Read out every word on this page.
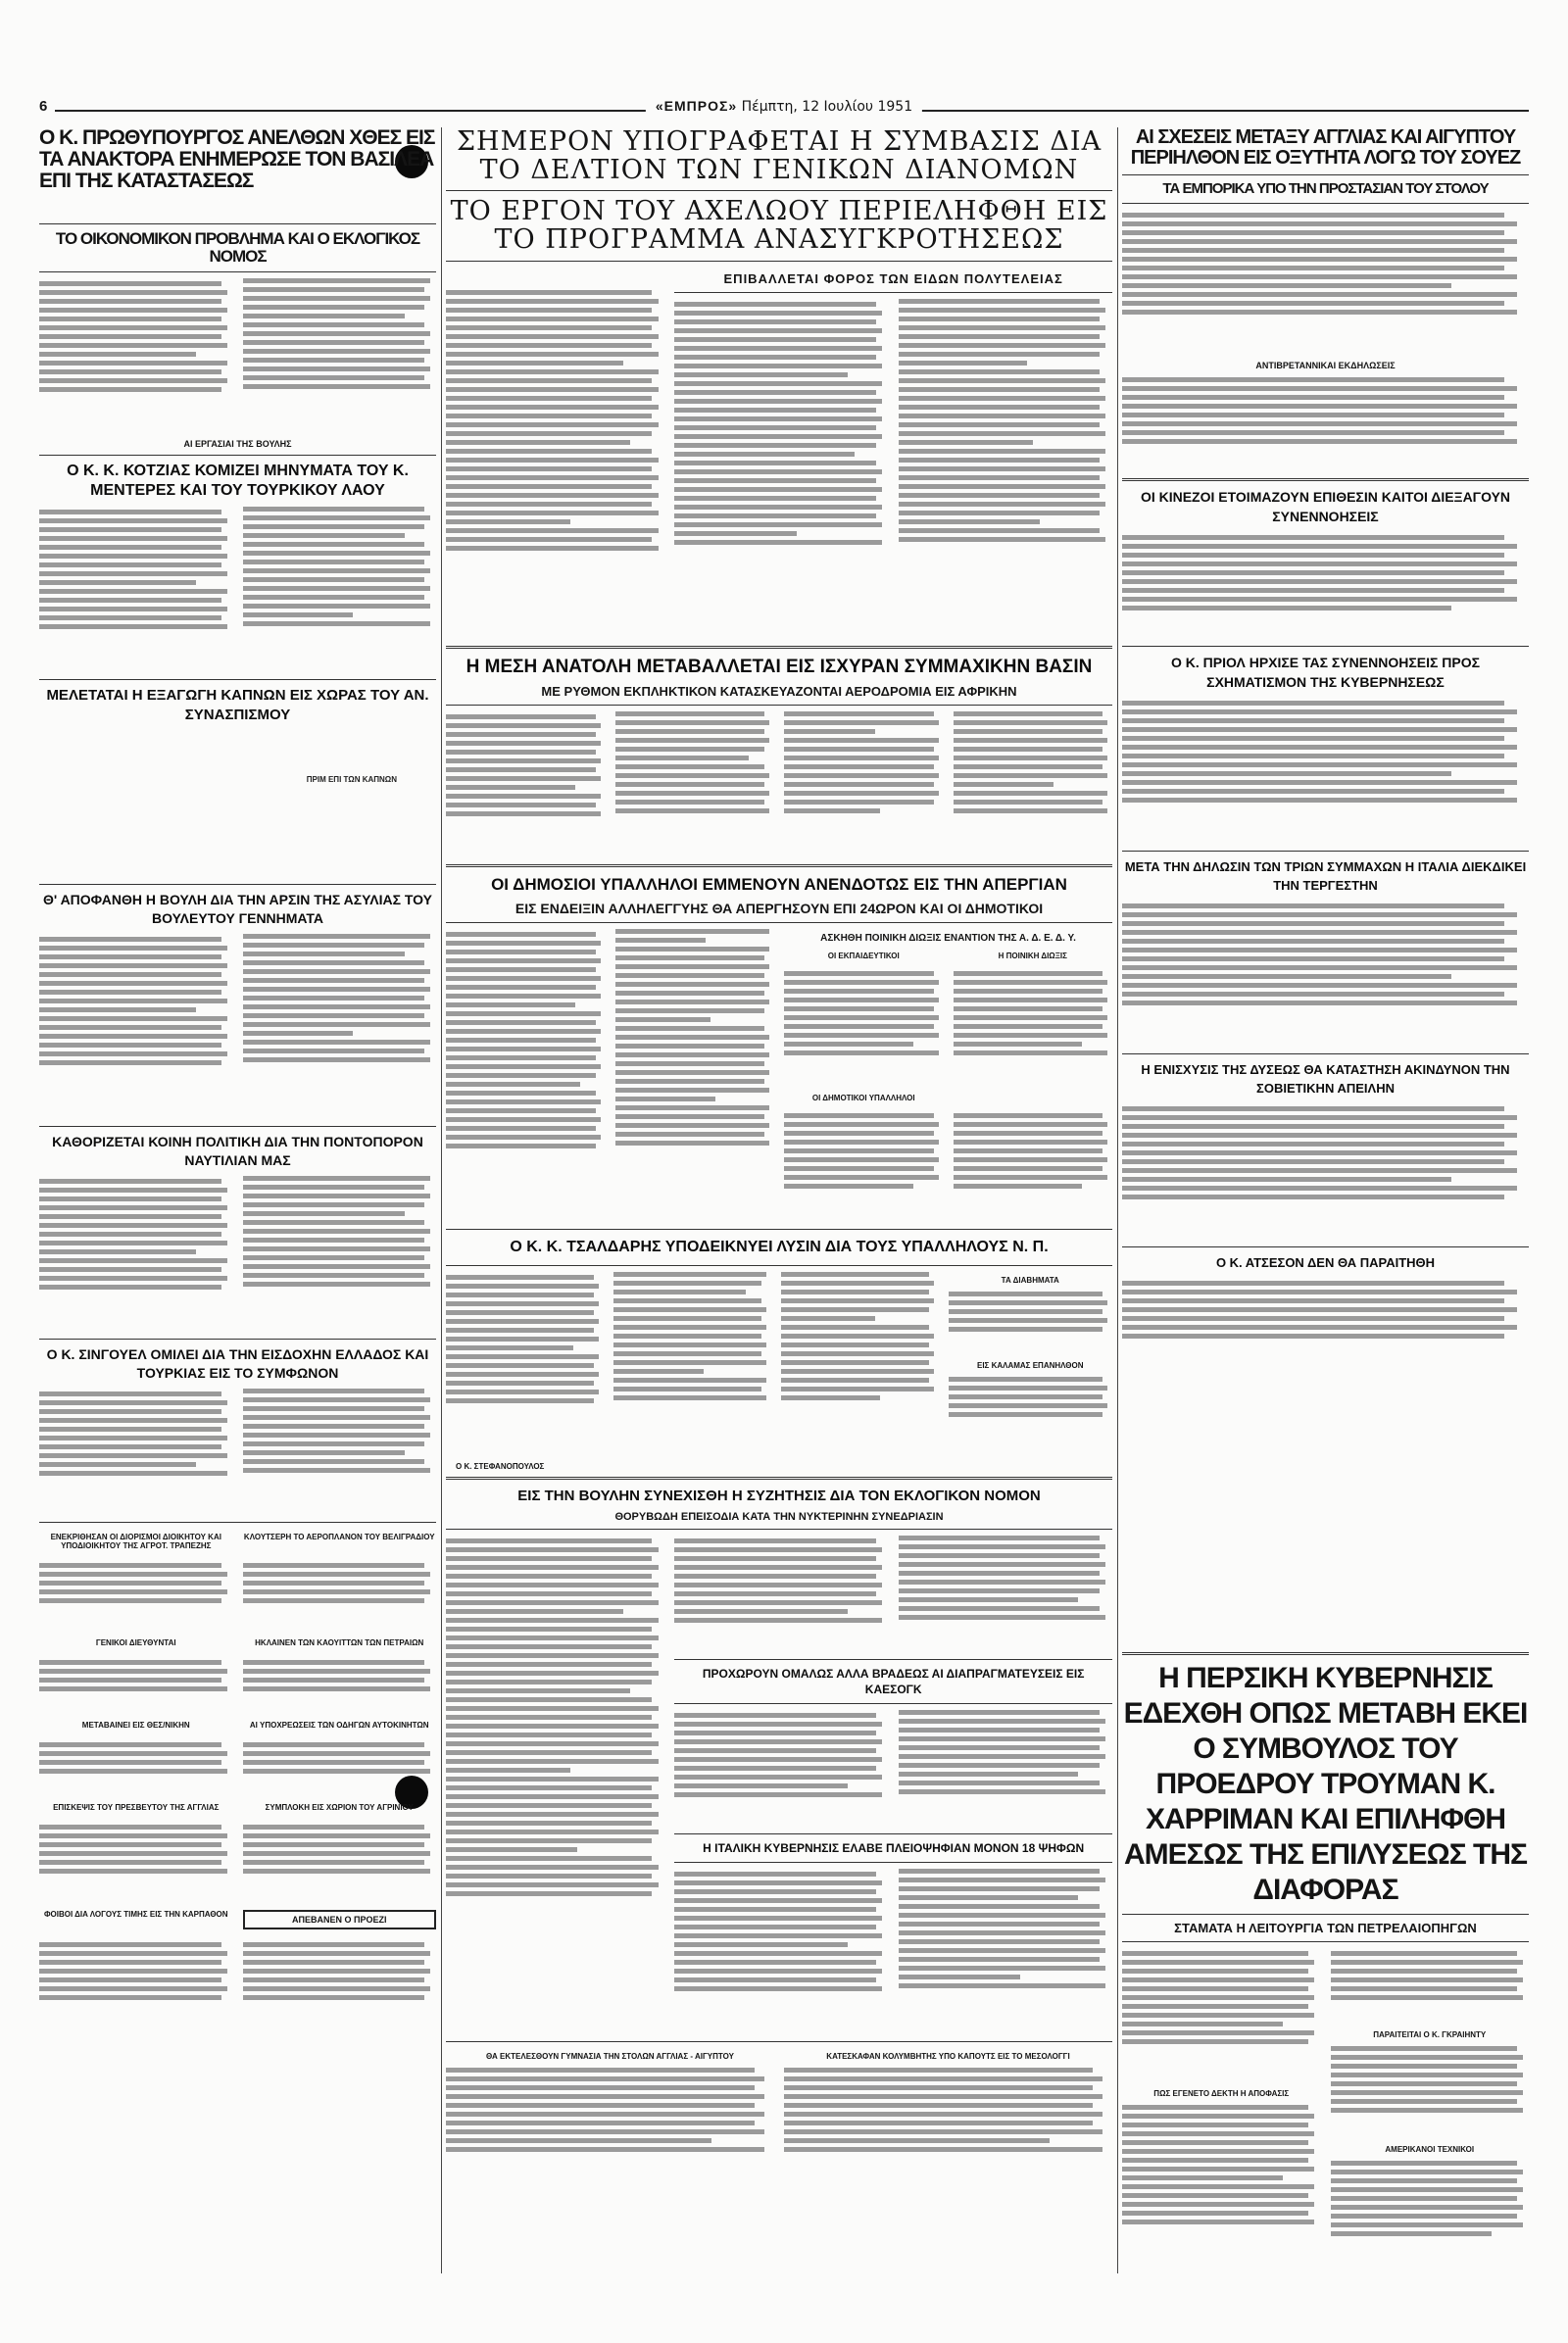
6	«ΕΜΠΡΟΣ» Πέμπτη, 12 Ιουλίου 1951
Ο Κ. ΠΡΩΘΥΠΟΥΡΓΟΣ ΑΝΕΛΘΩΝ ΧΘΕΣ ΕΙΣ ΤΑ ΑΝΑΚΤΟΡΑ ΕΝΗΜΕΡΩΣΕ ΤΟΝ ΒΑΣΙΛΕΑ ΕΠΙ ΤΗΣ ΚΑΤΑΣΤΑΣΕΩΣ
ΤΟ ΟΙΚΟΝΟΜΙΚΟΝ ΠΡΟΒΛΗΜΑ ΚΑΙ Ο ΕΚΛΟΓΙΚΟΣ ΝΟΜΟΣ

ΑΙ ΕΡΓΑΣΙΑΙ ΤΗΣ ΒΟΥΛΗΣ

Ο Κ. Κ. ΚΟΤΖΙΑΣ ΚΟΜΙΖΕΙ ΜΗΝΥΜΑΤΑ ΤΟΥ Κ. ΜΕΝΤΕΡΕΣ ΚΑΙ ΤΟΥ ΤΟΥΡΚΙΚΟΥ ΛΑΟΥ
ΜΕΛΕΤΑΤΑΙ Η ΕΞΑΓΩΓΗ ΚΑΠΝΩΝ ΕΙΣ ΧΩΡΑΣ ΤΟΥ ΑΝ. ΣΥΝΑΣΠΙΣΜΟΥ

ΠΡΙΜ ΕΠΙ ΤΩΝ ΚΑΠΝΩΝ

Θ' ΑΠΟΦΑΝΘΗ Η ΒΟΥΛΗ ΔΙΑ ΤΗΝ ΑΡΣΙΝ ΤΗΣ ΑΣΥΛΙΑΣ ΤΟΥ ΒΟΥΛΕΥΤΟΥ ΓΕΝΝΗΜΑΤΑ
ΚΑΘΟΡΙΖΕΤΑΙ ΚΟΙΝΗ ΠΟΛΙΤΙΚΗ ΔΙΑ ΤΗΝ ΠΟΝΤΟΠΟΡΟΝ ΝΑΥΤΙΛΙΑΝ ΜΑΣ
Ο Κ. ΣΙΝΓΟΥΕΛ ΟΜΙΛΕΙ ΔΙΑ ΤΗΝ ΕΙΣΔΟΧΗΝ ΕΛΛΑΔΟΣ ΚΑΙ ΤΟΥΡΚΙΑΣ ΕΙΣ ΤΟ ΣΥΜΦΩΝΟΝ

ΕΝΕΚΡΙΘΗΣΑΝ ΟΙ ΔΙΟΡΙΣΜΟΙ ΔΙΟΙΚΗΤΟΥ ΚΑΙ ΥΠΟΔΙΟΙΚΗΤΟΥ ΤΗΣ ΑΓΡΟΤ. ΤΡΑΠΕΖΗΣ

ΚΛΟΥΤΣΕΡΗ ΤΟ ΑΕΡΟΠΛΑΝΟΝ ΤΟΥ ΒΕΛΙΓΡΑΔΙΟΥ

ΓΕΝΙΚΟΙ ΔΙΕΥΘΥΝΤΑΙ	ΗΚΛΑΙΝΕΝ ΤΩΝ ΚΑΟΥΙΤΤΩΝ ΤΩΝ ΠΕΤΡΑΙΩΝ

ΜΕΤΑΒΑΙΝΕΙ ΕΙΣ ΘΕΣ/ΝΙΚΗΝ	ΑΙ ΥΠΟΧΡΕΩΣΕΙΣ ΤΩΝ ΟΔΗΓΩΝ ΑΥΤΟΚΙΝΗΤΩΝ

ΕΠΙΣΚΕΨΙΣ ΤΟΥ ΠΡΕΣΒΕΥΤΟΥ ΤΗΣ ΑΓΓΛΙΑΣ	ΣΥΜΠΛΟΚΗ ΕΙΣ ΧΩΡΙΟΝ ΤΟΥ ΑΓΡΙΝΙΟΥ

ΦΟΙΒΟΙ ΔΙΑ ΛΟΓΟΥΣ ΤΙΜΗΣ ΕΙΣ ΤΗΝ ΚΑΡΠΑΘΟΝ

ΑΠΕΒΑΝΕΝ Ο ΠΡΟΕΖΙ

ΣΗΜΕΡΟΝ ΥΠΟΓΡΑΦΕΤΑΙ Η ΣΥΜΒΑΣΙΣ ΔΙΑ ΤΟ ΔΕΛΤΙΟΝ ΤΩΝ ΓΕΝΙΚΩΝ ΔΙΑΝΟΜΩΝ
ΤΟ ΕΡΓΟΝ ΤΟΥ ΑΧΕΛΩΟΥ ΠΕΡΙΕΛΗΦΘΗ ΕΙΣ ΤΟ ΠΡΟΓΡΑΜΜΑ ΑΝΑΣΥΓΚΡΟΤΗΣΕΩΣ

ΕΠΙΒΑΛΛΕΤΑΙ ΦΟΡΟΣ ΤΩΝ ΕΙΔΩΝ ΠΟΛΥΤΕΛΕΙΑΣ

Η ΜΕΣΗ ΑΝΑΤΟΛΗ ΜΕΤΑΒΑΛΛΕΤΑΙ ΕΙΣ ΙΣΧΥΡΑΝ ΣΥΜΜΑΧΙΚΗΝ ΒΑΣΙΝ

ΜΕ ΡΥΘΜΟΝ ΕΚΠΛΗΚΤΙΚΟΝ ΚΑΤΑΣΚΕΥΑΖΟΝΤΑΙ ΑΕΡΟΔΡΟΜΙΑ ΕΙΣ ΑΦΡΙΚΗΝ

ΟΙ ΔΗΜΟΣΙΟΙ ΥΠΑΛΛΗΛΟΙ ΕΜΜΕΝΟΥΝ ΑΝΕΝΔΟΤΩΣ ΕΙΣ ΤΗΝ ΑΠΕΡΓΙΑΝ

ΕΙΣ ΕΝΔΕΙΞΙΝ ΑΛΛΗΛΕΓΓΥΗΣ ΘΑ ΑΠΕΡΓΗΣΟΥΝ ΕΠΙ 24ΩΡΟΝ ΚΑΙ ΟΙ ΔΗΜΟΤΙΚΟΙ

ΑΣΚΗΘΗ ΠΟΙΝΙΚΗ ΔΙΩΞΙΣ ΕΝΑΝΤΙΟΝ ΤΗΣ Α. Δ. Ε. Δ. Υ.

ΟΙ ΕΚΠΑΙΔΕΥΤΙΚΟΙ	Η ΠΟΙΝΙΚΗ ΔΙΩΞΙΣ

ΟΙ ΔΗΜΟΤΙΚΟΙ ΥΠΑΛΛΗΛΟΙ

Ο Κ. Κ. ΤΣΑΛΔΑΡΗΣ ΥΠΟΔΕΙΚΝΥΕΙ ΛΥΣΙΝ ΔΙΑ ΤΟΥΣ ΥΠΑΛΛΗΛΟΥΣ Ν. Π.

ΤΑ ΔΙΑΒΗΜΑΤΑ

ΕΙΣ ΚΑΛΑΜΑΣ ΕΠΑΝΗΛΘΟΝ

Ο Κ. ΣΤΕΦΑΝΟΠΟΥΛΟΣ

ΕΙΣ ΤΗΝ ΒΟΥΛΗΝ ΣΥΝΕΧΙΣΘΗ Η ΣΥΖΗΤΗΣΙΣ ΔΙΑ ΤΟΝ ΕΚΛΟΓΙΚΟΝ ΝΟΜΟΝ

ΘΟΡΥΒΩΔΗ ΕΠΕΙΣΟΔΙΑ ΚΑΤΑ ΤΗΝ ΝΥΚΤΕΡΙΝΗΝ ΣΥΝΕΔΡΙΑΣΙΝ

ΠΡΟΧΩΡΟΥΝ ΟΜΑΛΩΣ ΑΛΛΑ ΒΡΑΔΕΩΣ ΑΙ ΔΙΑΠΡΑΓΜΑΤΕΥΣΕΙΣ ΕΙΣ ΚΑΕΣΟΓΚ
Η ΙΤΑΛΙΚΗ ΚΥΒΕΡΝΗΣΙΣ ΕΛΑΒΕ ΠΛΕΙΟΨΗΦΙΑΝ ΜΟΝΟΝ 18 ΨΗΦΩΝ

ΘΑ ΕΚΤΕΛΕΣΘΟΥΝ ΓΥΜΝΑΣΙΑ ΤΗΝ ΣΤΟΛΩΝ ΑΓΓΛΙΑΣ - ΑΙΓΥΠΤΟΥ	ΚΑΤΕΣΚΑΦΑΝ ΚΟΛΥΜΒΗΤΗΣ ΥΠΟ ΚΑΠΟΥΤΣ ΕΙΣ ΤΟ ΜΕΣΟΛΟΓΓΙ

ΑΙ ΣΧΕΣΕΙΣ ΜΕΤΑΞΥ ΑΓΓΛΙΑΣ ΚΑΙ ΑΙΓΥΠΤΟΥ ΠΕΡΙΗΛΘΟΝ ΕΙΣ ΟΞΥΤΗΤΑ ΛΟΓΩ ΤΟΥ ΣΟΥΕΖ
ΤΑ ΕΜΠΟΡΙΚΑ ΥΠΟ ΤΗΝ ΠΡΟΣΤΑΣΙΑΝ ΤΟΥ ΣΤΟΛΟΥ

ΑΝΤΙΒΡΕΤΑΝΝΙΚΑΙ ΕΚΔΗΛΩΣΕΙΣ

ΟΙ ΚΙΝΕΖΟΙ ΕΤΟΙΜΑΖΟΥΝ ΕΠΙΘΕΣΙΝ ΚΑΙΤΟΙ ΔΙΕΞΑΓΟΥΝ ΣΥΝΕΝΝΟΗΣΕΙΣ
Ο Κ. ΠΡΙΟΛ ΗΡΧΙΣΕ ΤΑΣ ΣΥΝΕΝΝΟΗΣΕΙΣ ΠΡΟΣ ΣΧΗΜΑΤΙΣΜΟΝ ΤΗΣ ΚΥΒΕΡΝΗΣΕΩΣ
ΜΕΤΑ ΤΗΝ ΔΗΛΩΣΙΝ ΤΩΝ ΤΡΙΩΝ ΣΥΜΜΑΧΩΝ Η ΙΤΑΛΙΑ ΔΙΕΚΔΙΚΕΙ ΤΗΝ ΤΕΡΓΕΣΤΗΝ
Η ΕΝΙΣΧΥΣΙΣ ΤΗΣ ΔΥΣΕΩΣ ΘΑ ΚΑΤΑΣΤΗΣΗ ΑΚΙΝΔΥΝΟΝ ΤΗΝ ΣΟΒΙΕΤΙΚΗΝ ΑΠΕΙΛΗΝ
Ο Κ. ΑΤΣΕΣΟΝ ΔΕΝ ΘΑ ΠΑΡΑΙΤΗΘΗ
Η ΠΕΡΣΙΚΗ ΚΥΒΕΡΝΗΣΙΣ ΕΔΕΧΘΗ ΟΠΩΣ ΜΕΤΑΒΗ ΕΚΕΙ Ο ΣΥΜΒΟΥΛΟΣ ΤΟΥ ΠΡΟΕΔΡΟΥ ΤΡΟΥΜΑΝ Κ. ΧΑΡΡΙΜΑΝ ΚΑΙ ΕΠΙΛΗΦΘΗ ΑΜΕΣΩΣ ΤΗΣ ΕΠΙΛΥΣΕΩΣ ΤΗΣ ΔΙΑΦΟΡΑΣ

ΣΤΑΜΑΤΑ Η ΛΕΙΤΟΥΡΓΙΑ ΤΩΝ ΠΕΤΡΕΛΑΙΟΠΗΓΩΝ

ΠΩΣ ΕΓΕΝΕΤΟ ΔΕΚΤΗ Η ΑΠΟΦΑΣΙΣ

ΠΑΡΑΙΤΕΙΤΑΙ Ο Κ. ΓΚΡΑΙΗΝΤΥ

ΑΜΕΡΙΚΑΝΟΙ ΤΕΧΝΙΚΟΙ
